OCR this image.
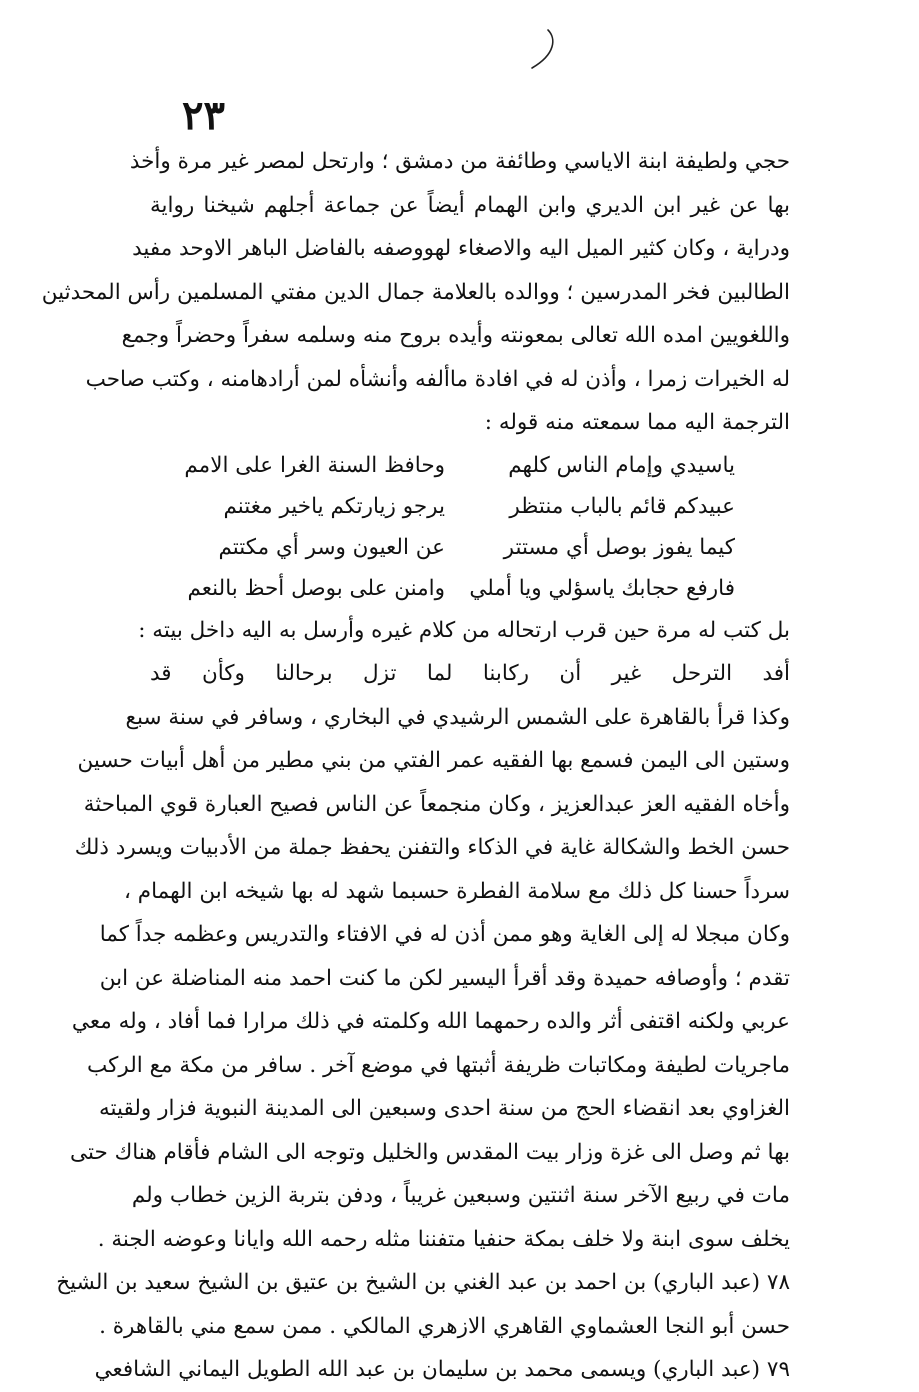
٢٣
حجي ولطيفة ابنة الاياسي وطائفة من دمشق ؛ وارتحل لمصر غير مرة وأخذ
بها عن غير ابن الديري وابن الهمام أيضاً عن جماعة أجلهم شيخنا رواية
ودراية ، وكان كثير الميل اليه والاصغاء لهووصفه بالفاضل الباهر الاوحد مفيد
الطالبين فخر المدرسين ؛ ووالده بالعلامة جمال الدين مفتي المسلمين رأس المحدثين
واللغويين امده الله تعالى بمعونته وأيده بروح منه وسلمه سفراً وحضراً وجمع
له الخيرات زمرا ، وأذن له في افادة ماألفه وأنشأه لمن أرادهامنه ، وكتب صاحب
الترجمة اليه مما سمعته منه قوله :
ياسيدي وإمام الناس كلهم
وحافظ السنة الغرا على الامم
عبيدكم قائم بالباب منتظر
يرجو زيارتكم ياخير مغتنم
كيما يفوز بوصل أي مستتر
عن العيون وسر أي مكتتم
فارفع حجابك ياسؤلي ويا أملي
وامنن على بوصل أحظ بالنعم
بل كتب له مرة حين قرب ارتحاله من كلام غيره وأرسل به اليه داخل بيته :
أفد الترحل غير أن ركابنا لما تزل برحالنا وكأن قد
وكذا قرأ بالقاهرة على الشمس الرشيدي في البخاري ، وسافر في سنة سبع
وستين الى اليمن فسمع بها الفقيه عمر الفتي من بني مطير من أهل أبيات حسين
وأخاه الفقيه العز عبدالعزيز ، وكان منجمعاً عن الناس فصيح العبارة قوي المباحثة
حسن الخط والشكالة غاية في الذكاء والتفنن يحفظ جملة من الأدبيات ويسرد ذلك
سرداً حسنا كل ذلك مع سلامة الفطرة حسبما شهد له بها شيخه ابن الهمام ،
وكان مبجلا له إلى الغاية وهو ممن أذن له في الافتاء والتدريس وعظمه جداً كما
تقدم ؛ وأوصافه حميدة وقد أقرأ اليسير لكن ما كنت احمد منه المناضلة عن ابن
عربي ولكنه اقتفى أثر والده رحمهما الله وكلمته في ذلك مرارا فما أفاد ، وله معي
ماجريات لطيفة ومكاتبات ظريفة أثبتها في موضع آخر . سافر من مكة مع الركب
الغزاوي بعد انقضاء الحج من سنة احدى وسبعين الى المدينة النبوية فزار ولقيته
بها ثم وصل الى غزة وزار بيت المقدس والخليل وتوجه الى الشام فأقام هناك حتى
مات في ربيع الآخر سنة اثنتين وسبعين غريباً ، ودفن بتربة الزين خطاب ولم
يخلف سوى ابنة ولا خلف بمكة حنفيا متفننا مثله رحمه الله وايانا وعوضه الجنة .
٧٨ (عبد الباري) بن احمد بن عبد الغني بن الشيخ بن عتيق بن الشيخ سعيد بن الشيخ
حسن أبو النجا العشماوي القاهري الازهري المالكي . ممن سمع مني بالقاهرة .
٧٩ (عبد الباري) ويسمى محمد بن سليمان بن عبد الله الطويل اليماني الشافعي
